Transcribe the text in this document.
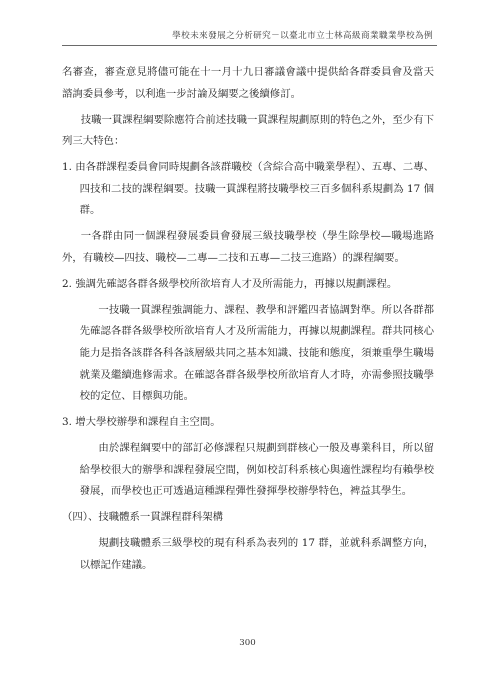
學校未來發展之分析研究－以臺北市立士林高級商業職業學校為例

名審查，審查意見將儘可能在十一月十九日審議會議中提供給各群委員會及當天諮詢委員參考，以利進一步討論及綱要之後續修訂。

技職一貫課程綱要除應符合前述技職一貫課程規劃原則的特色之外，至少有下列三大特色：

1. 由各群課程委員會同時規劃各該群職校（含綜合高中職業學程）、五專、二專、四技和二技的課程綱要。技職一貫課程將技職學校三百多個科系規劃為 17 個群。

一各群由同一個課程發展委員會發展三級技職學校（學生除學校—職場進路外，有職校—四技、職校—二專—二技和五專—二技三進路）的課程綱要。

2. 強調先確認各群各級學校所欲培育人才及所需能力，再據以規劃課程。

一技職一貫課程強調能力、課程、教學和評鑑四者協調對準。所以各群都先確認各群各級學校所欲培育人才及所需能力，再據以規劃課程。群共同核心能力是指各該群各科各該層級共同之基本知識、技能和態度，須兼重學生職場就業及繼續進修需求。在確認各群各級學校所欲培育人才時，亦需參照技職學校的定位、目標與功能。

3. 增大學校辦學和課程自主空間。

由於課程綱要中的部訂必修課程只規劃到群核心一般及專業科目，所以留給學校很大的辦學和課程發展空間，例如校訂科系核心與適性課程均有賴學校發展，而學校也正可透過這種課程彈性發揮學校辦學特色，裨益其學生。

（四）、技職體系一貫課程群科架構

規劃技職體系三級學校的現有科系為表列的 17 群，並就科系調整方向，以標記作建議。

300
